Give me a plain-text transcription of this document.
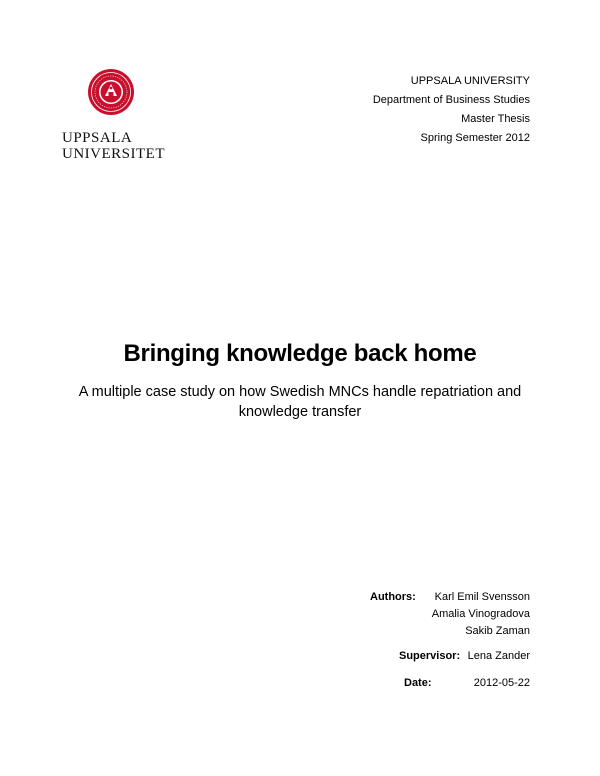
UPPSALA
UNIVERSITET
UPPSALA UNIVERSITY
Department of Business Studies
Master Thesis
Spring Semester 2012
Bringing knowledge back home
A multiple case study on how Swedish MNCs handle repatriation and knowledge transfer
Authors: Karl Emil Svensson
Amalia Vinogradova
Sakib Zaman
Supervisor: Lena Zander
Date:	2012-05-22
